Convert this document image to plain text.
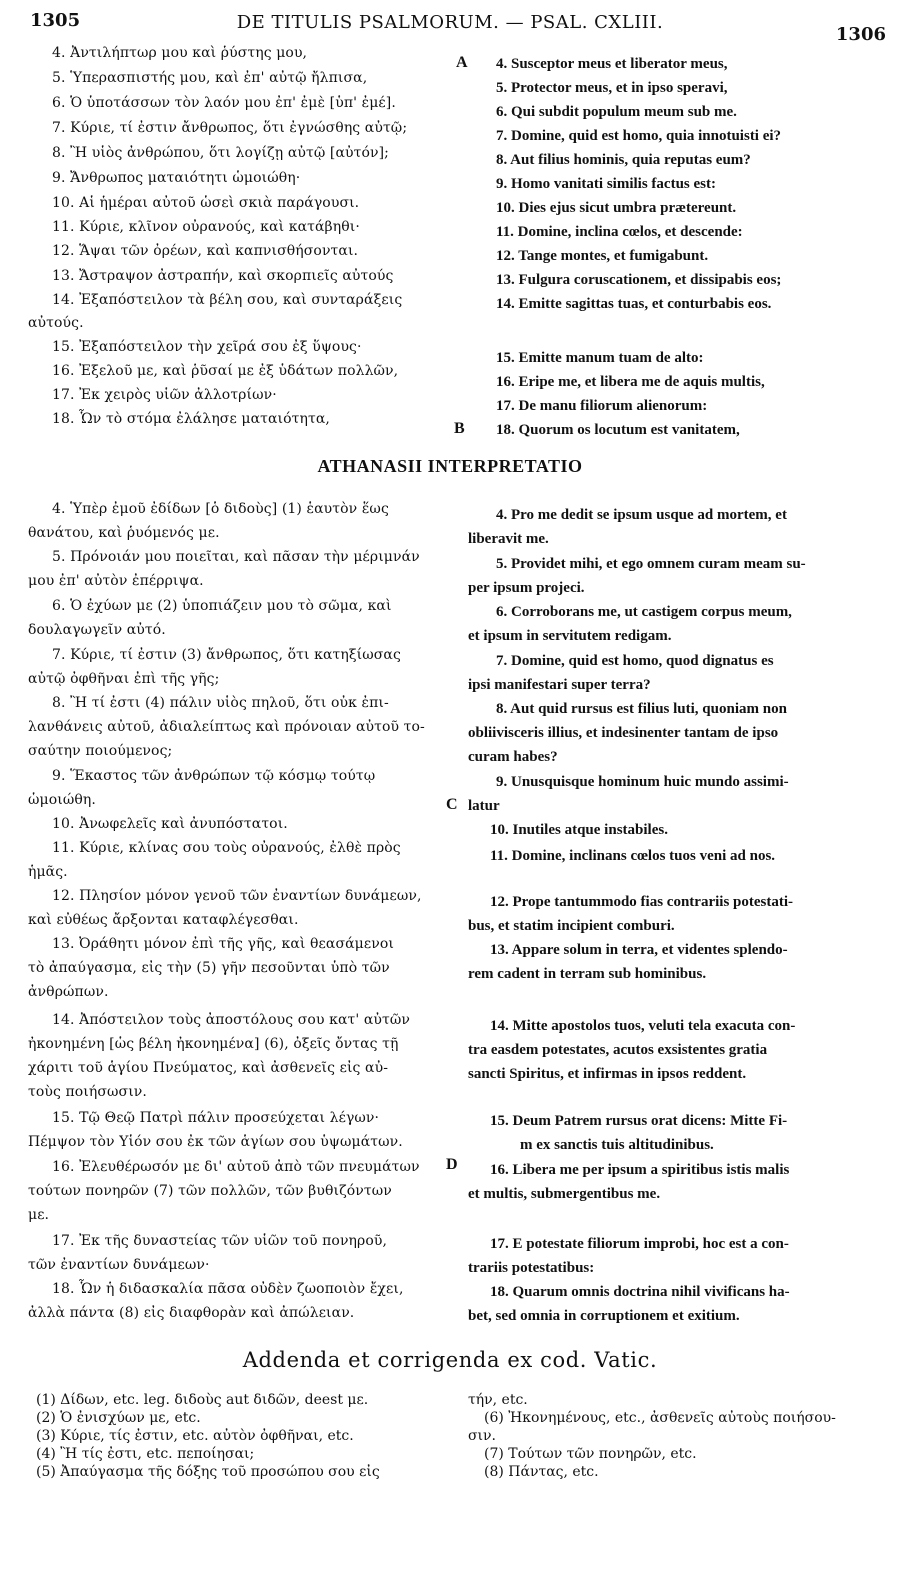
1305	DE TITULIS PSALMORUM. — PSAL. CXLIII.
1306
A
B
C
D
4. Ἀντιλήπτωρ μου καὶ ῥύστης μου,
5. Ὑπερασπιστής μου, καὶ ἐπ' αὐτῷ ἤλπισα,
6. Ὁ ὑποτάσσων τὸν λαόν μου ἐπ' ἐμὲ [ὑπ' ἐμέ].
7. Κύριε, τί ἐστιν ἄνθρωπος, ὅτι ἐγνώσθης αὐτῷ;
8. Ἢ υἱὸς ἀνθρώπου, ὅτι λογίζῃ αὐτῷ [αὐτόν];
9. Ἄνθρωπος ματαιότητι ὡμοιώθη·
10. Αἱ ἡμέραι αὐτοῦ ὡσεὶ σκιὰ παράγουσι.
11. Κύριε, κλῖνον οὐρανούς, καὶ κατάβηθι·
12. Ἅψαι τῶν ὀρέων, καὶ καπνισθήσονται.
13. Ἄστραψον ἀστραπήν, καὶ σκορπιεῖς αὐτούς
14. Ἐξαπόστειλον τὰ βέλη σου, καὶ συνταράξεις
αὐτούς.
15. Ἐξαπόστειλον τὴν χεῖρά σου ἐξ ὕψους·
16. Ἐξελοῦ με, καὶ ῥῦσαί με ἐξ ὑδάτων πολλῶν,
17. Ἐκ χειρὸς υἱῶν ἀλλοτρίων·
18. Ὧν τὸ στόμα ἐλάλησε ματαιότητα,
4. Susceptor meus et liberator meus,
5. Protector meus, et in ipso speravi,
6. Qui subdit populum meum sub me.
7. Domine, quid est homo, quia innotuisti ei?
8. Aut filius hominis, quia reputas eum?
9. Homo vanitati similis factus est:
10. Dies ejus sicut umbra prætereunt.
11. Domine, inclina cœlos, et descende:
12. Tange montes, et fumigabunt.
13. Fulgura coruscationem, et dissipabis eos;
14. Emitte sagittas tuas, et conturbabis eos.
15. Emitte manum tuam de alto:
16. Eripe me, et libera me de aquis multis,
17. De manu filiorum alienorum:
18. Quorum os locutum est vanitatem,
ATHANASII INTERPRETATIO
4. Ὑπὲρ ἐμοῦ ἐδίδων [ὁ διδοὺς] (1) ἑαυτὸν ἕως
θανάτου, καὶ ῥυόμενός με.
5. Πρόνοιάν μου ποιεῖται, καὶ πᾶσαν τὴν μέριμνάν
μου ἐπ' αὐτὸν ἐπέρριψα.
6. Ὁ ἐχύων με (2) ὑποπιάζειν μου τὸ σῶμα, καὶ
δουλαγωγεῖν αὐτό.
7. Κύριε, τί ἐστιν (3) ἄνθρωπος, ὅτι κατηξίωσας
αὐτῷ ὀφθῆναι ἐπὶ τῆς γῆς;
8. Ἢ τί ἐστι (4) πάλιν υἱὸς πηλοῦ, ὅτι οὐκ ἐπι-
λανθάνεις αὐτοῦ, ἀδιαλείπτως καὶ πρόνοιαν αὐτοῦ το-
σαύτην ποιούμενος;
9. Ἕκαστος τῶν ἀνθρώπων τῷ κόσμῳ τούτῳ
ὡμοιώθη.
10. Ἀνωφελεῖς καὶ ἀνυπόστατοι.
11. Κύριε, κλίνας σου τοὺς οὐρανούς, ἐλθὲ πρὸς
ἡμᾶς.
12. Πλησίον μόνον γενοῦ τῶν ἐναντίων δυνάμεων,
καὶ εὐθέως ἄρξονται καταφλέγεσθαι.
13. Ὀράθητι μόνον ἐπὶ τῆς γῆς, καὶ θεασάμενοι
τὸ ἀπαύγασμα, εἰς τὴν (5) γῆν πεσοῦνται ὑπὸ τῶν
ἀνθρώπων.
14. Ἀπόστειλον τοὺς ἀποστόλους σου κατ' αὐτῶν
ἠκονημένη [ὡς βέλη ἠκονημένα] (6), ὀξεῖς ὄντας τῇ
χάριτι τοῦ ἁγίου Πνεύματος, καὶ ἀσθενεῖς εἰς αὐ-
τοὺς ποιήσωσιν.
15. Τῷ Θεῷ Πατρὶ πάλιν προσεύχεται λέγων·
Πέμψον τὸν Υἱόν σου ἐκ τῶν ἁγίων σου ὑψωμάτων.
16. Ἐλευθέρωσόν με δι' αὐτοῦ ἀπὸ τῶν πνευμάτων
τούτων πονηρῶν (7) τῶν πολλῶν, τῶν βυθιζόντων
με.
17. Ἐκ τῆς δυναστείας τῶν υἱῶν τοῦ πονηροῦ,
τῶν ἐναντίων δυνάμεων·
18. Ὧν ἡ διδασκαλία πᾶσα οὐδὲν ζωοποιὸν ἔχει,
ἀλλὰ πάντα (8) εἰς διαφθορὰν καὶ ἀπώλειαν.
4. Pro me dedit se ipsum usque ad mortem, et
liberavit me.
5. Providet mihi, et ego omnem curam meam su-
per ipsum projeci.
6. Corroborans me, ut castigem corpus meum,
et ipsum in servitutem redigam.
7. Domine, quid est homo, quod dignatus es
ipsi manifestari super terra?
8. Aut quid rursus est filius luti, quoniam non
obliivisceris illius, et indesinenter tantam de ipso
curam habes?
9. Unusquisque hominum huic mundo assimi-
latur
10. Inutiles atque instabiles.
11. Domine, inclinans cœlos tuos veni ad nos.
12. Prope tantummodo fias contrariis potestati-
bus, et statim incipient comburi.
13. Appare solum in terra, et videntes splendo-
rem cadent in terram sub hominibus.
14. Mitte apostolos tuos, veluti tela exacuta con-
tra easdem potestates, acutos exsistentes gratia
sancti Spiritus, et infirmas in ipsos reddent.
15. Deum Patrem rursus orat dicens: Mitte Fi-
m ex sanctis tuis altitudinibus.
16. Libera me per ipsum a spiritibus istis malis
et multis, submergentibus me.
17. E potestate filiorum improbi, hoc est a con-
trariis potestatibus:
18. Quarum omnis doctrina nihil vivificans ha-
bet, sed omnia in corruptionem et exitium.
Addenda et corrigenda ex cod. Vatic.
(1) Δίδων, etc. leg. διδοὺς aut διδῶν, deest με.
(2) Ὁ ἐνισχύων με, etc.
(3) Κύριε, τίς ἐστιν, etc. αὐτὸν ὀφθῆναι, etc.
(4) Ἢ τίς ἐστι, etc. πεποίησαι;
(5) Ἀπαύγασμα τῆς δόξης τοῦ προσώπου σου εἰς
τήν, etc.
(6) Ἠκονημένους, etc., ἀσθενεῖς αὐτοὺς ποιήσου-
σιν.
(7) Τούτων τῶν πονηρῶν, etc.
(8) Πάντας, etc.
